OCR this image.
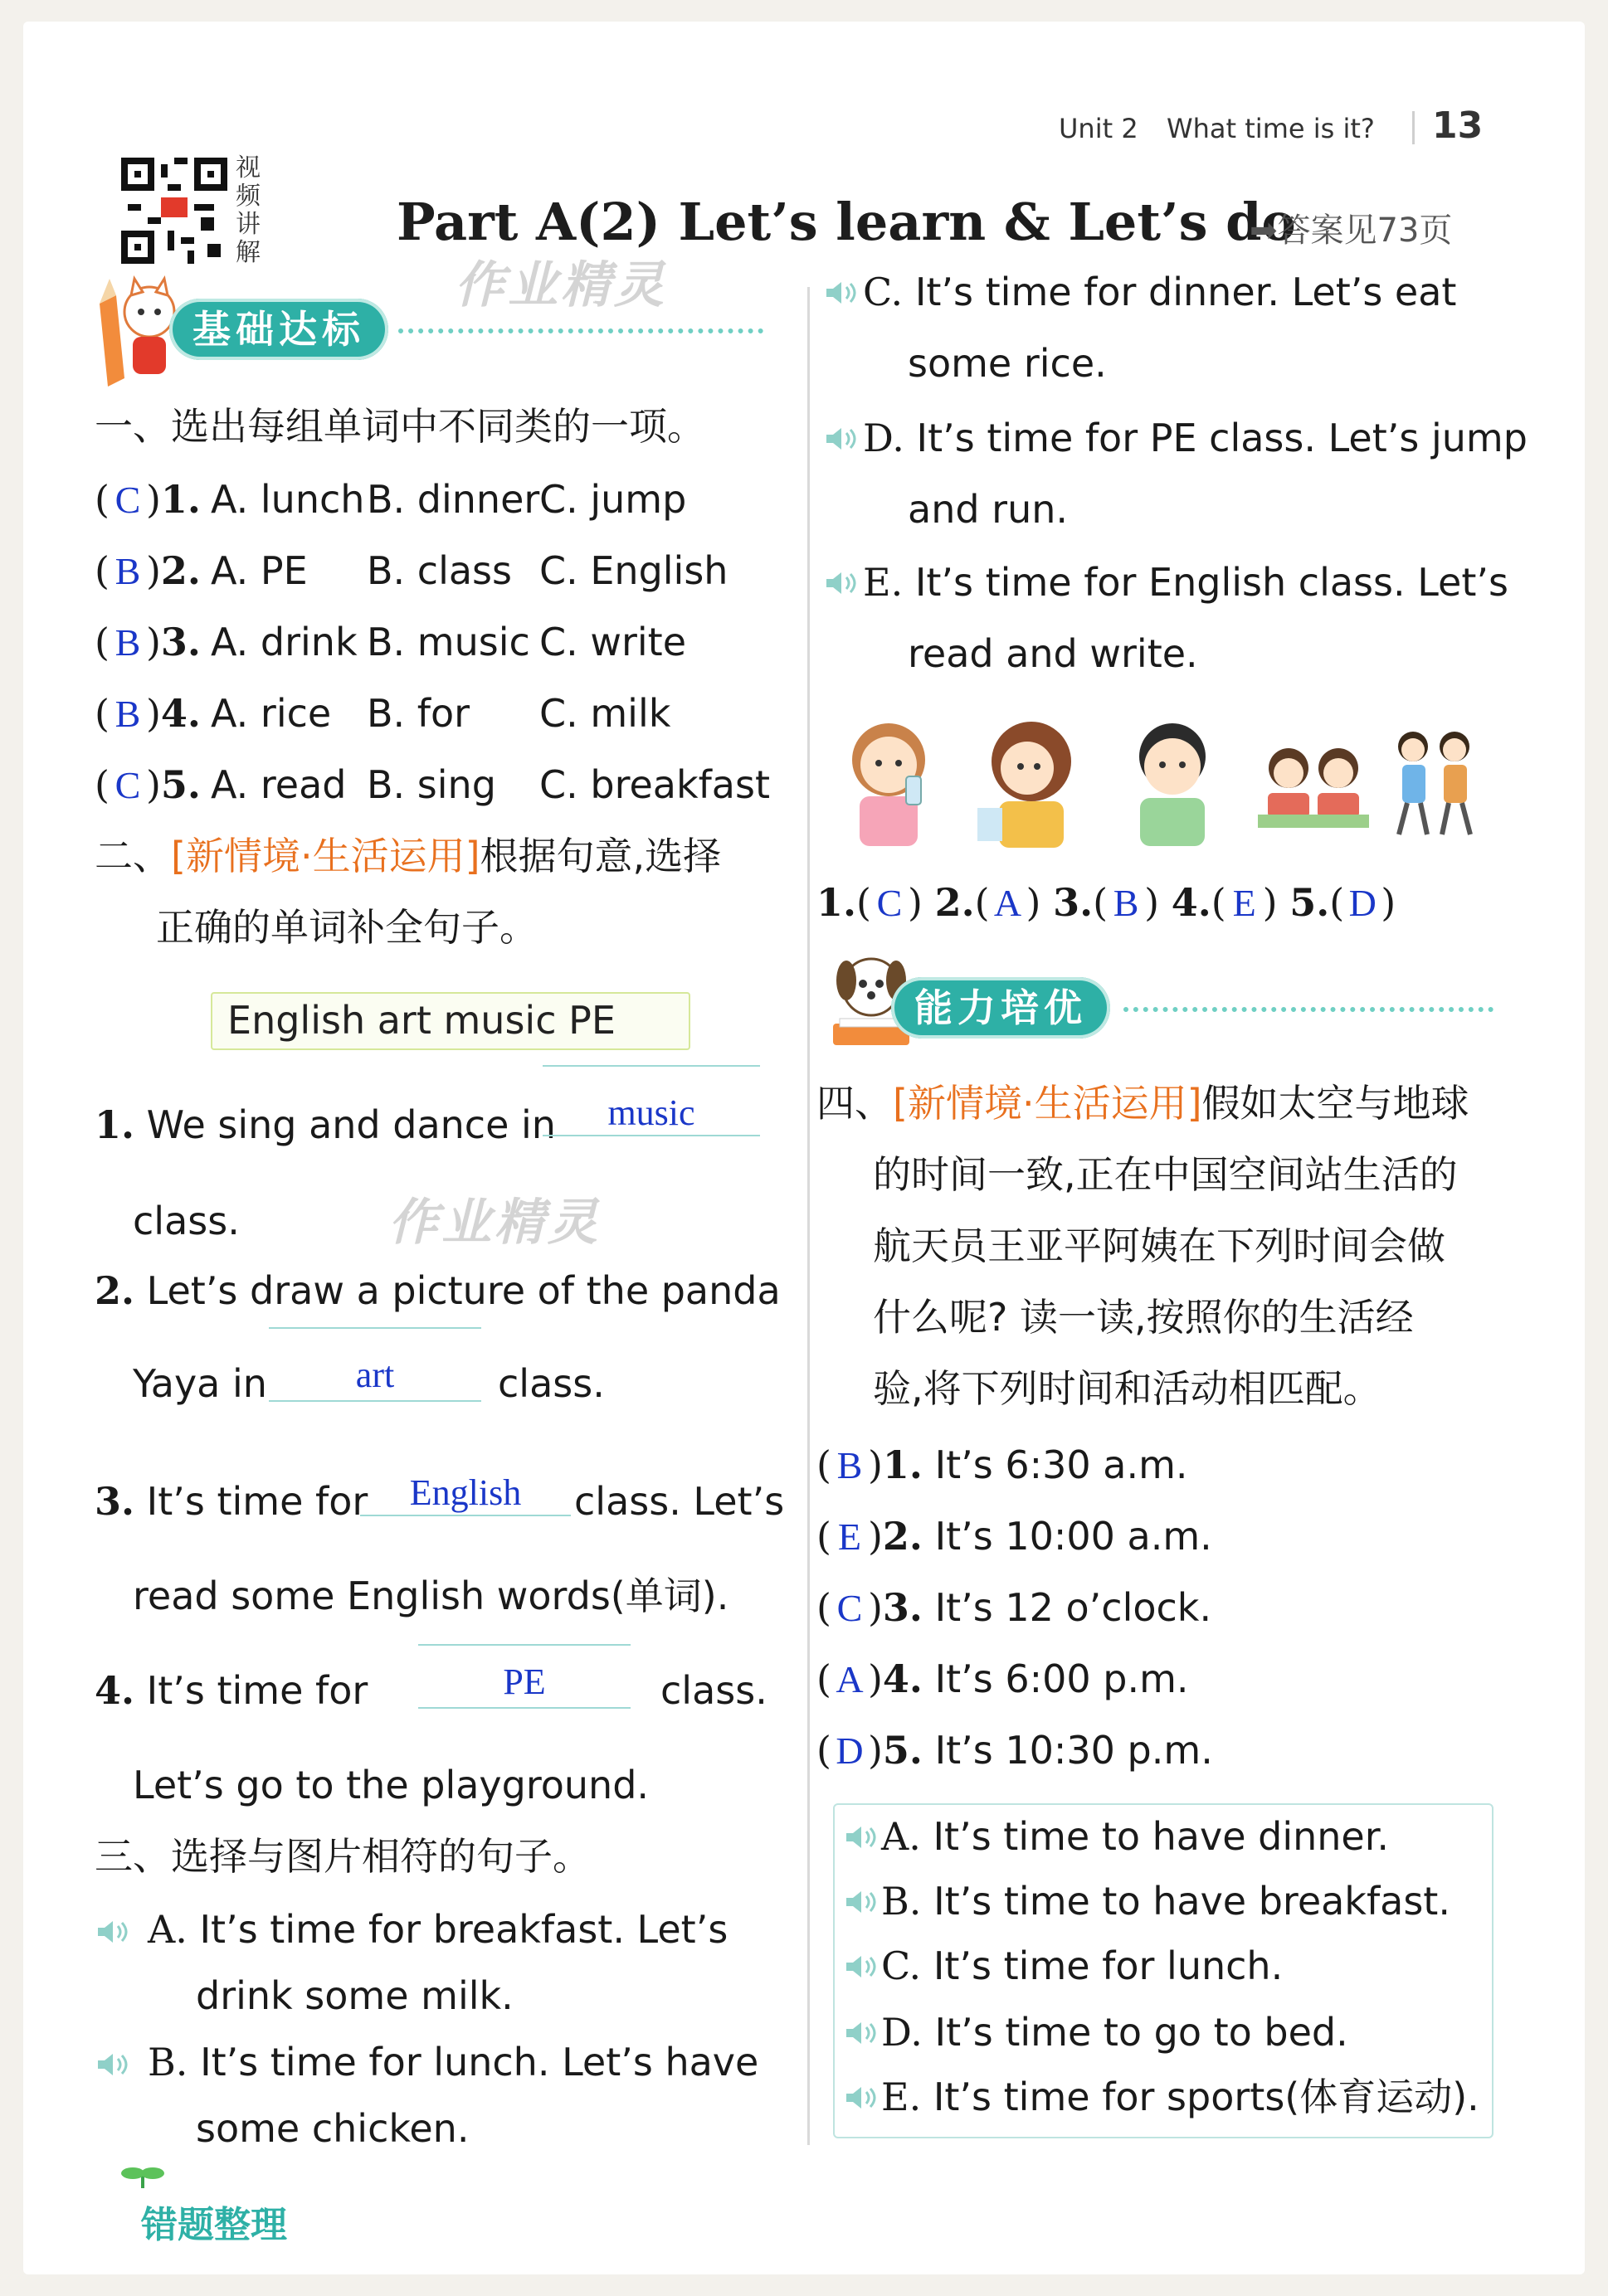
Unit 2 What time is it? 13
视频讲解
Part A(2) Let’s learn & Let’s do
➡答案见73页
作业精灵
作业精灵
基础达标
一、选出每组单词中不同类的一项。
( C )1. A. lunch B. dinner C. jump
( B )2. A. PE B. class C. English
( B )3. A. drink B. music C. write
( B )4. A. rice B. for C. milk
( C )5. A. read B. sing C. breakfast
二、[新情境·生活运用]根据句意,选择
正确的单词补全句子。
English art music PE
1. We sing and dance in	music
class.
2. Let’s draw a picture of the panda
Yaya in	art	class.
3. It’s time for	English	class. Let’s
read some English words(单词).
4. It’s time for	PE	class.
Let’s go to the playground.
三、选择与图片相符的句子。
A. It’s time for breakfast. Let’s
drink some milk.
B. It’s time for lunch. Let’s have
some chicken.
C. It’s time for dinner. Let’s eat
some rice.
D. It’s time for PE class. Let’s jump
and run.
E. It’s time for English class. Let’s
read and write.
1.( C ) 2.( A ) 3.( B ) 4.( E ) 5.( D )
能力培优
四、[新情境·生活运用]假如太空与地球
的时间一致,正在中国空间站生活的
航天员王亚平阿姨在下列时间会做
什么呢? 读一读,按照你的生活经
验,将下列时间和活动相匹配。
( B )1. It’s 6:30 a.m.
( E )2. It’s 10:00 a.m.
( C )3. It’s 12 o’clock.
( A )4. It’s 6:00 p.m.
( D )5. It’s 10:30 p.m.
A. It’s time to have dinner.
B. It’s time to have breakfast.
C. It’s time for lunch.
D. It’s time to go to bed.
E. It’s time for sports(体育运动).
错题整理
